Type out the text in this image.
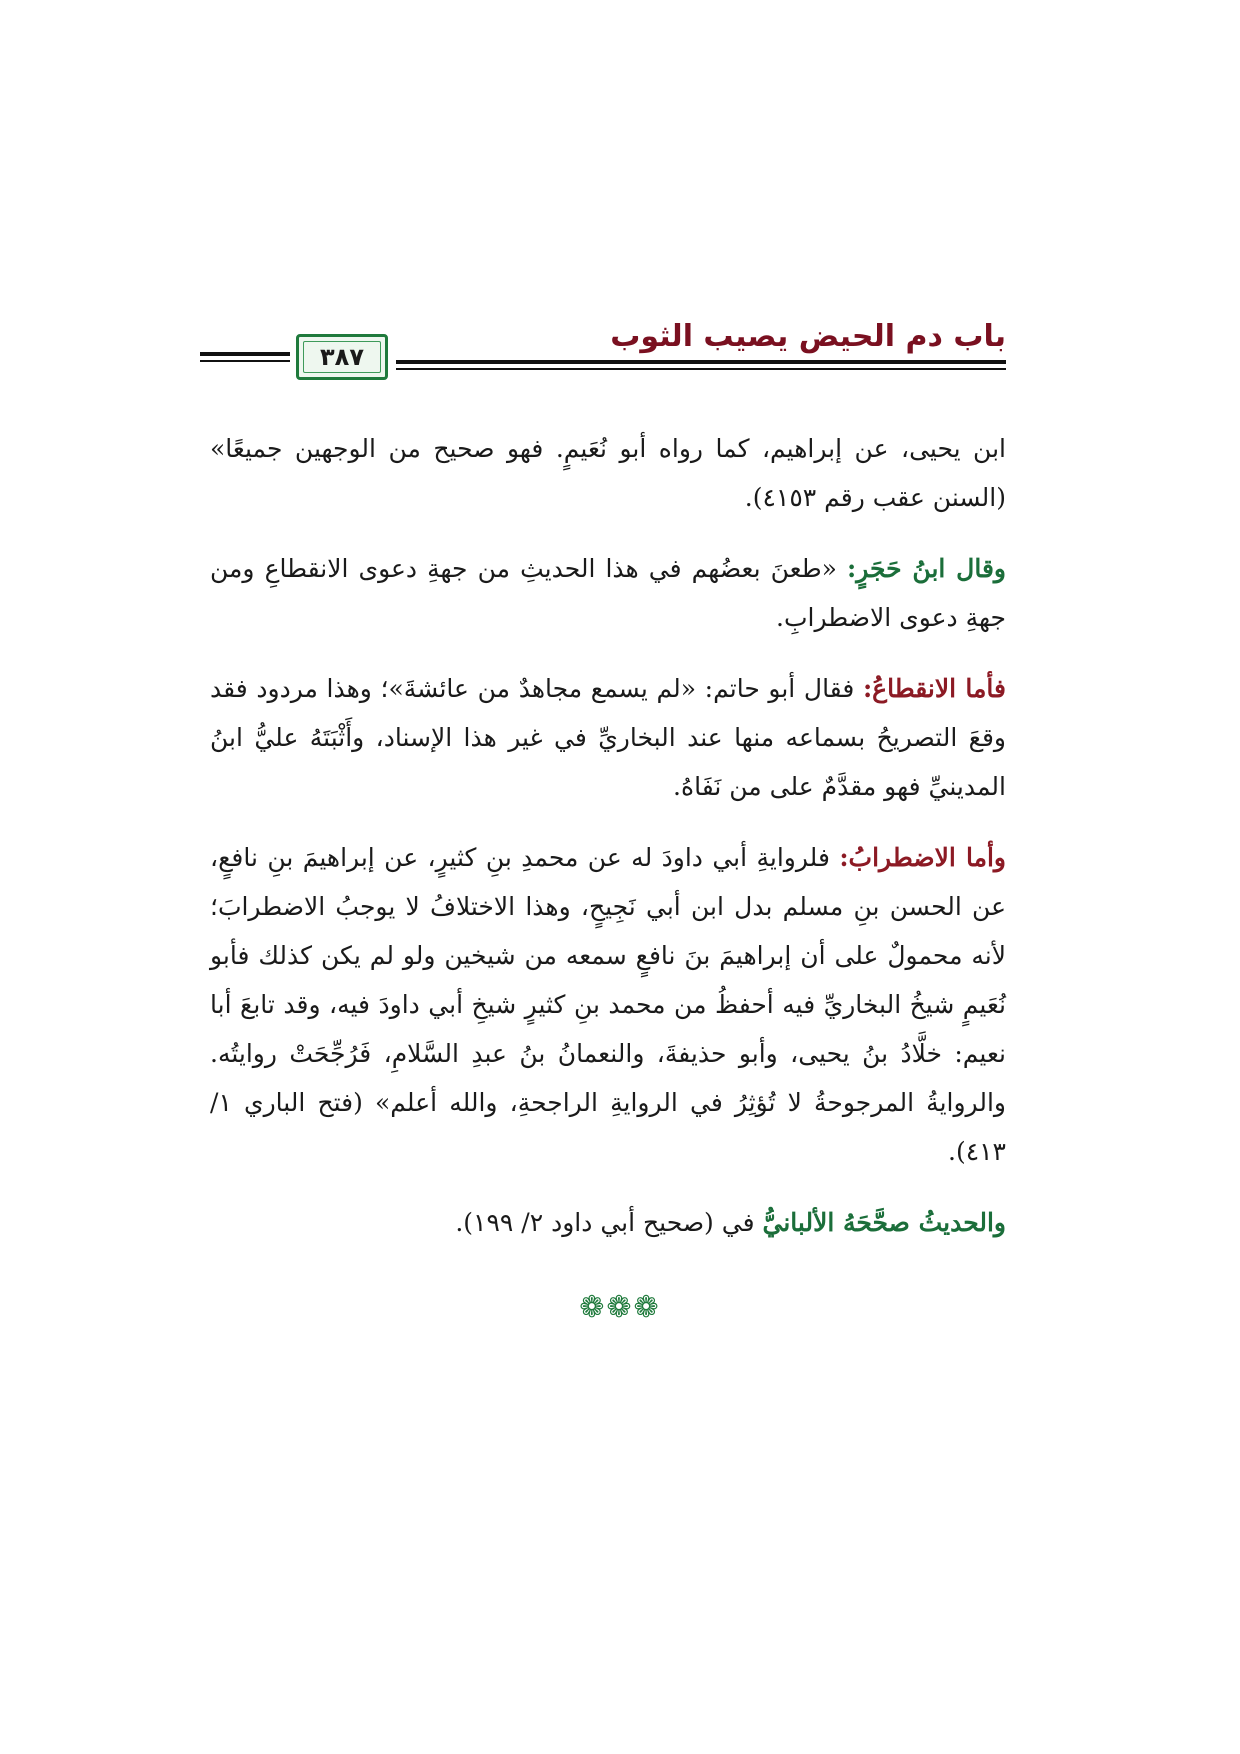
باب دم الحيض يصيب الثوب
٣٨٧

ابن يحيى، عن إبراهيم، كما رواه أبو نُعَيمٍ. فهو صحيح من الوجهين جميعًا» (السنن عقب رقم ٤١٥٣).

وقال ابنُ حَجَرٍ: «طعنَ بعضُهم في هذا الحديثِ من جهةِ دعوى الانقطاعِ ومن جهةِ دعوى الاضطرابِ.

فأما الانقطاعُ: فقال أبو حاتم: «لم يسمع مجاهدٌ من عائشةَ»؛ وهذا مردود فقد وقعَ التصريحُ بسماعه منها عند البخاريِّ في غير هذا الإسناد، وأَثْبَتَهُ عليُّ ابنُ المدينيِّ فهو مقدَّمٌ على من نَفَاهُ.

وأما الاضطرابُ: فلروايةِ أبي داودَ له عن محمدِ بنِ كثيرٍ، عن إبراهيمَ بنِ نافعٍ، عن الحسن بنِ مسلم بدل ابن أبي نَجِيحٍ، وهذا الاختلافُ لا يوجبُ الاضطرابَ؛ لأنه محمولٌ على أن إبراهيمَ بنَ نافعٍ سمعه من شيخين ولو لم يكن كذلك فأبو نُعَيمٍ شيخُ البخاريِّ فيه أحفظُ من محمد بنِ كثيرٍ شيخِ أبي داودَ فيه، وقد تابعَ أبا نعيم: خلَّادُ بنُ يحيى، وأبو حذيفةَ، والنعمانُ بنُ عبدِ السَّلامِ، فَرُجِّحَتْ روايتُه. والروايةُ المرجوحةُ لا تُؤثِرُ في الروايةِ الراجحةِ، والله أعلم» (فتح الباري ١/ ٤١٣).

والحديثُ صحَّحَهُ الألبانيُّ في (صحيح أبي داود ٢/ ١٩٩).

❁❁❁
